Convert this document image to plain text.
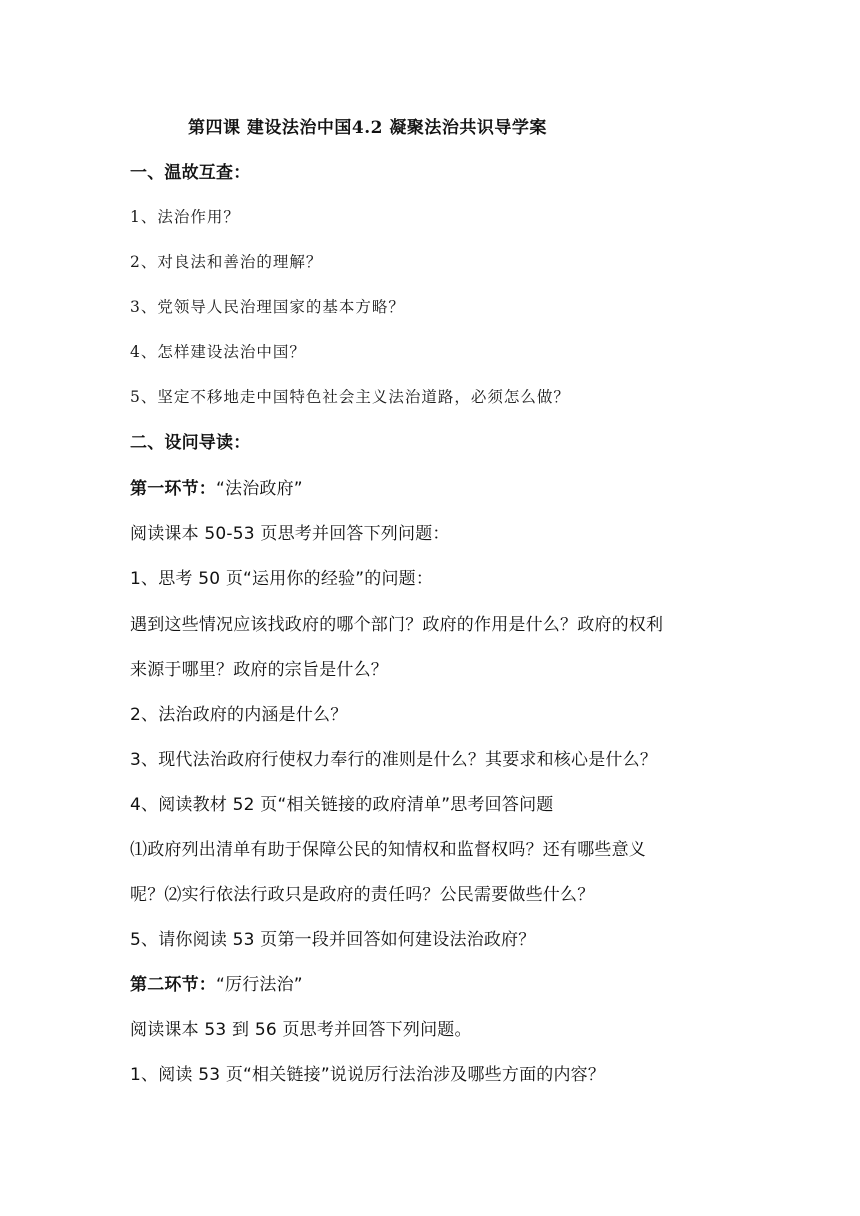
第四课 建设法治中国4.2 凝聚法治共识导学案
一、温故互查：
1、法治作用？
2、对良法和善治的理解？
3、党领导人民治理国家的基本方略？
4、怎样建设法治中国？
5、坚定不移地走中国特色社会主义法治道路，必须怎么做？
二、设问导读：
第一环节：“法治政府”
阅读课本 50-53 页思考并回答下列问题：
1、思考 50 页“运用你的经验”的问题：
遇到这些情况应该找政府的哪个部门？政府的作用是什么？政府的权利
来源于哪里？政府的宗旨是什么？
2、法治政府的内涵是什么？
3、现代法治政府行使权力奉行的准则是什么？其要求和核心是什么？
4、阅读教材 52 页“相关链接的政府清单”思考回答问题
⑴政府列出清单有助于保障公民的知情权和监督权吗？还有哪些意义
呢？⑵实行依法行政只是政府的责任吗？公民需要做些什么？
5、请你阅读 53 页第一段并回答如何建设法治政府？
第二环节：“厉行法治”
阅读课本 53 到 56 页思考并回答下列问题。
1、阅读 53 页“相关链接”说说厉行法治涉及哪些方面的内容？
